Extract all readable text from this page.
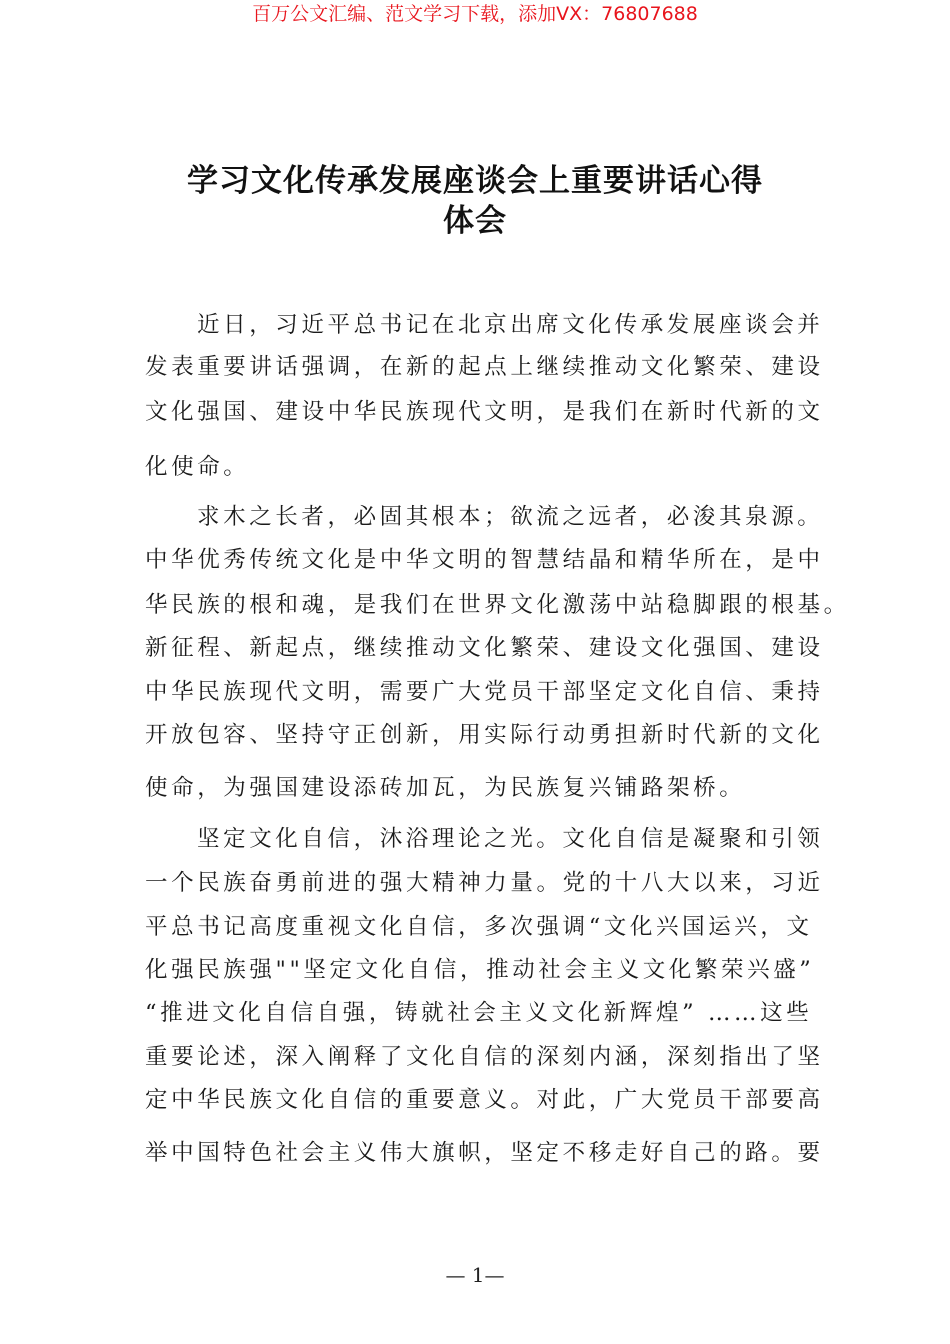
百万公文汇编、范文学习下载，添加VX：76807688
学习文化传承发展座谈会上重要讲话心得
体会
近日，习近平总书记在北京出席文化传承发展座谈会并
发表重要讲话强调，在新的起点上继续推动文化繁荣、建设
文化强国、建设中华民族现代文明，是我们在新时代新的文
化使命。
求木之长者，必固其根本；欲流之远者，必浚其泉源。
中华优秀传统文化是中华文明的智慧结晶和精华所在，是中
华民族的根和魂，是我们在世界文化激荡中站稳脚跟的根基。
新征程、新起点，继续推动文化繁荣、建设文化强国、建设
中华民族现代文明，需要广大党员干部坚定文化自信、秉持
开放包容、坚持守正创新，用实际行动勇担新时代新的文化
使命，为强国建设添砖加瓦，为民族复兴铺路架桥。
坚定文化自信，沐浴理论之光。文化自信是凝聚和引领
一个民族奋勇前进的强大精神力量。党的十八大以来，习近
平总书记高度重视文化自信，多次强调“文化兴国运兴，文
化强民族强""坚定文化自信，推动社会主义文化繁荣兴盛”
“推进文化自信自强，铸就社会主义文化新辉煌” ……这些
重要论述，深入阐释了文化自信的深刻内涵，深刻指出了坚
定中华民族文化自信的重要意义。对此，广大党员干部要高
举中国特色社会主义伟大旗帜，坚定不移走好自己的路。要
— 1—
